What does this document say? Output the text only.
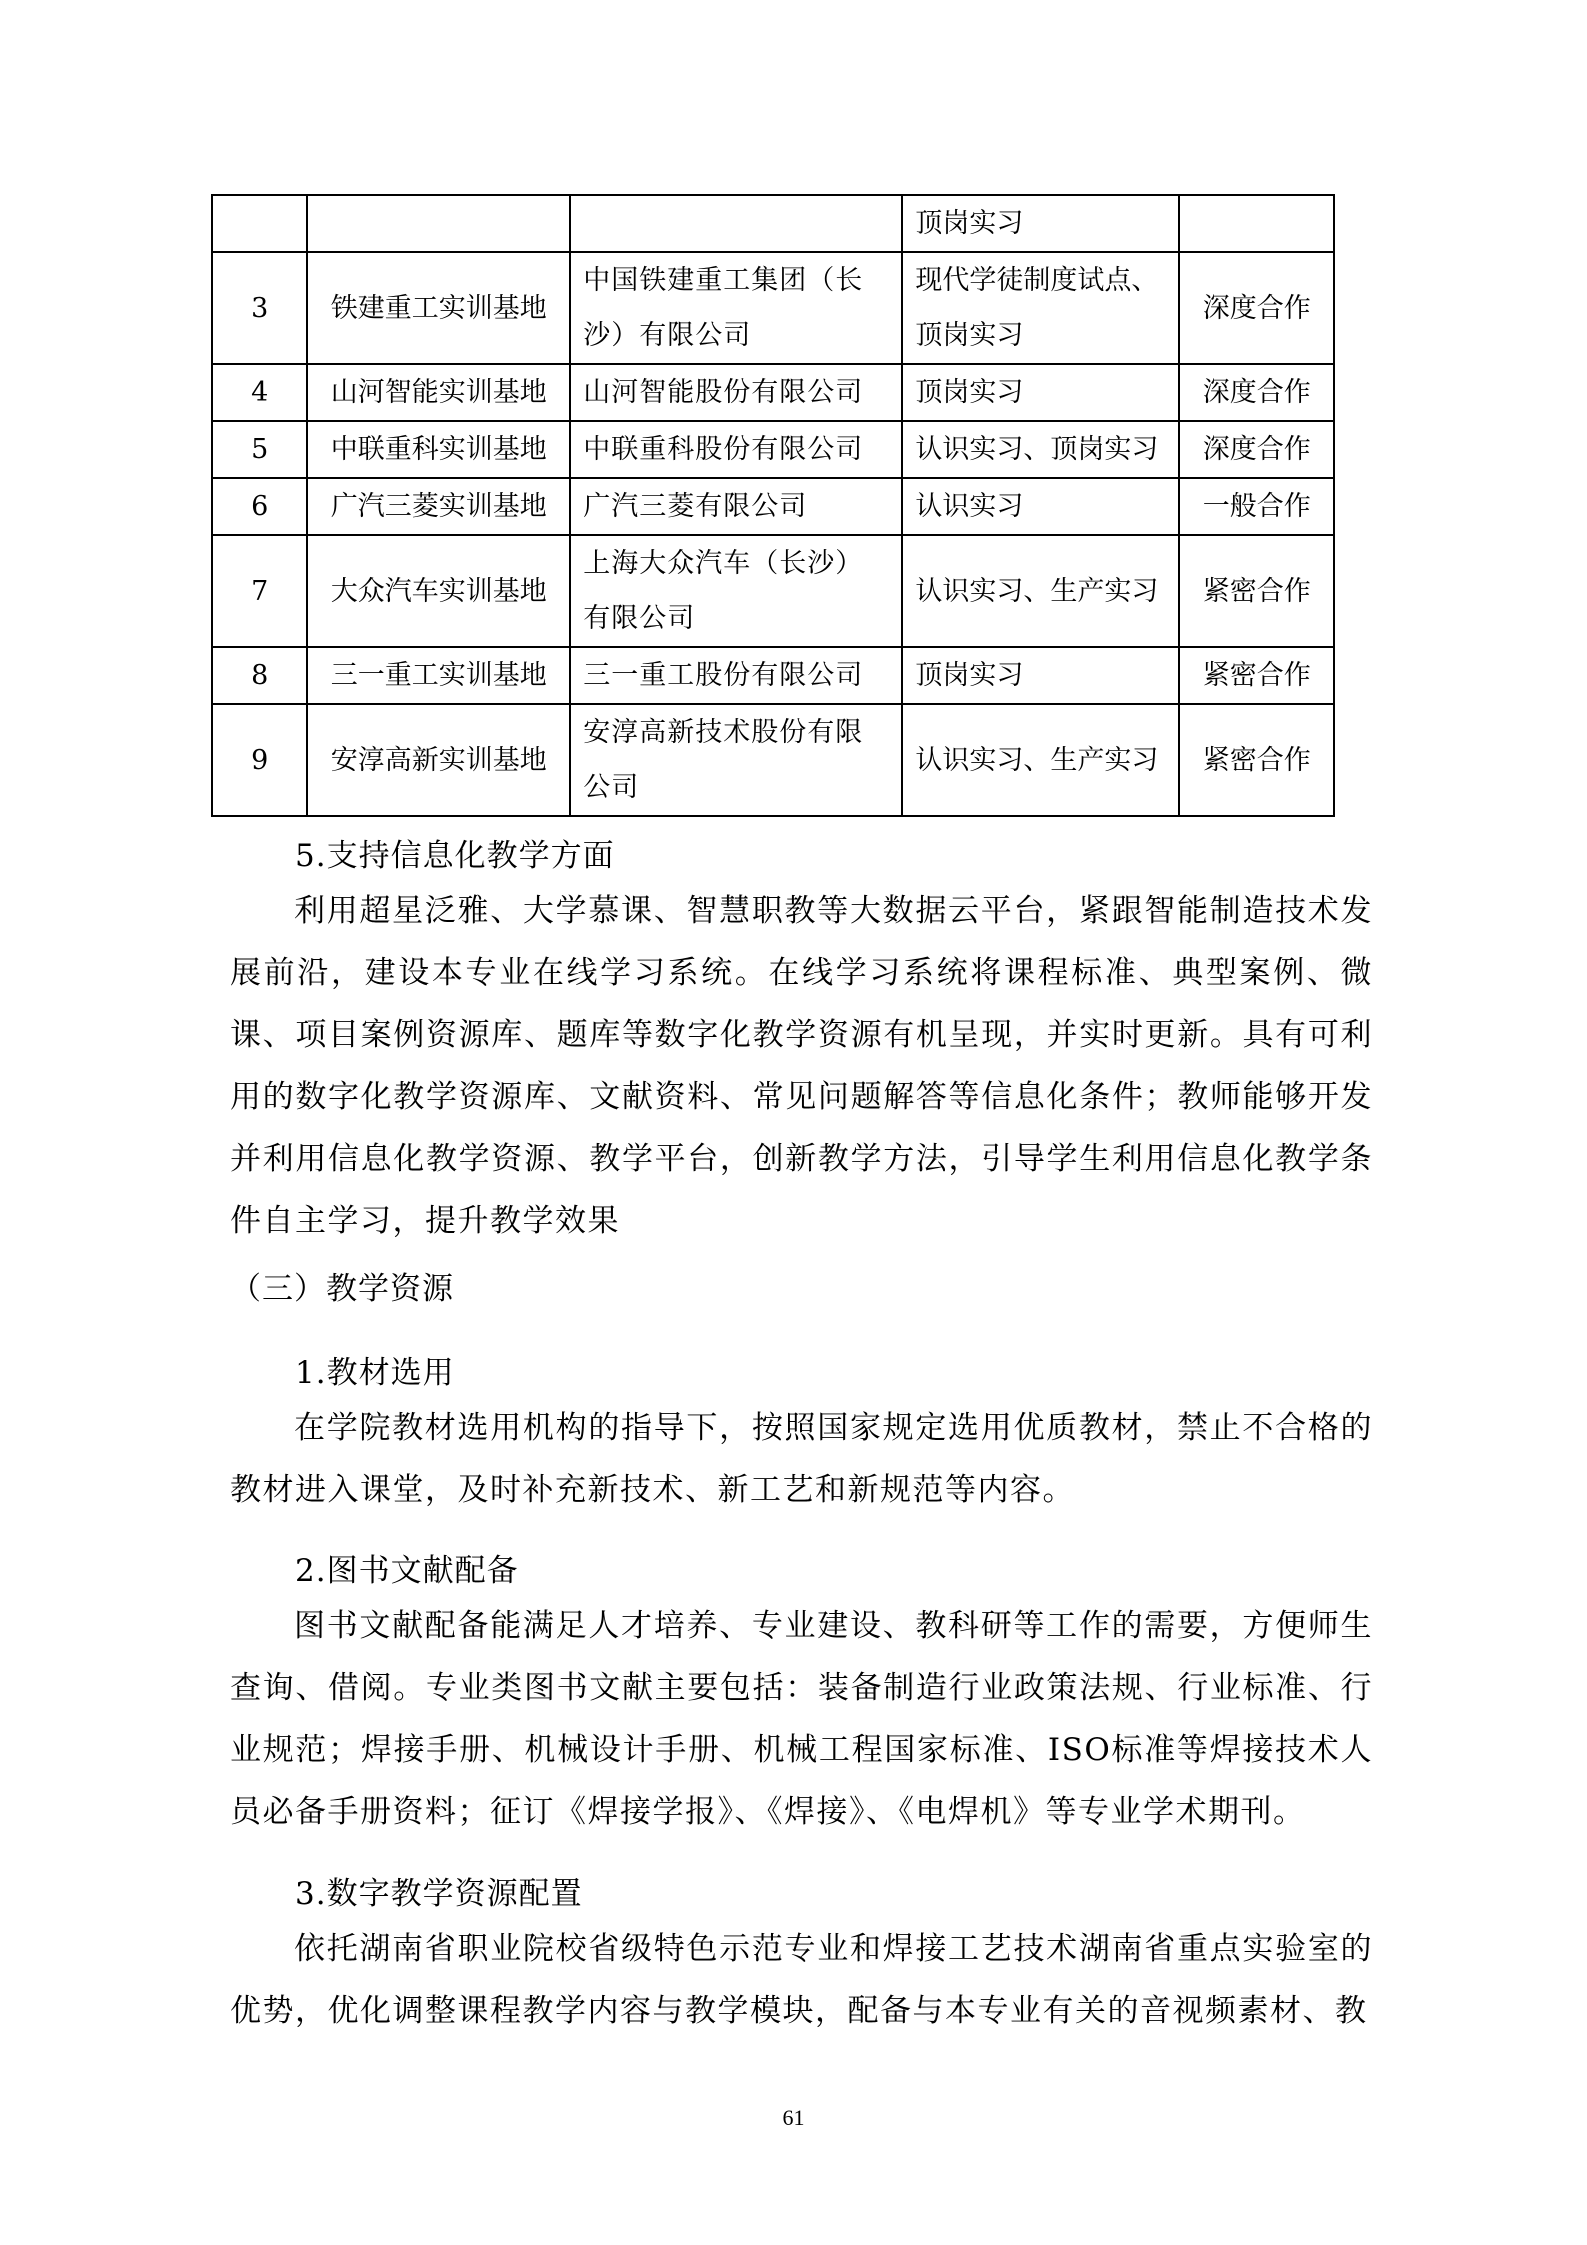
			顶岗实习	
3	铁建重工实训基地	中国铁建重工集团（长沙）有限公司	现代学徒制度试点、顶岗实习	深度合作
4	山河智能实训基地	山河智能股份有限公司	顶岗实习	深度合作
5	中联重科实训基地	中联重科股份有限公司	认识实习、顶岗实习	深度合作
6	广汽三菱实训基地	广汽三菱有限公司	认识实习	一般合作
7	大众汽车实训基地	上海大众汽车（长沙）有限公司	认识实习、生产实习	紧密合作
8	三一重工实训基地	三一重工股份有限公司	顶岗实习	紧密合作
9	安淳高新实训基地	安淳高新技术股份有限公司	认识实习、生产实习	紧密合作
5.支持信息化教学方面
利用超星泛雅、大学慕课、智慧职教等大数据云平台，紧跟智能制造技术发展前沿，建设本专业在线学习系统。在线学习系统将课程标准、典型案例、微课、项目案例资源库、题库等数字化教学资源有机呈现，并实时更新。具有可利用的数字化教学资源库、文献资料、常见问题解答等信息化条件；教师能够开发并利用信息化教学资源、教学平台，创新教学方法，引导学生利用信息化教学条件自主学习，提升教学效果
（三）教学资源
1.教材选用
在学院教材选用机构的指导下，按照国家规定选用优质教材，禁止不合格的教材进入课堂，及时补充新技术、新工艺和新规范等内容。
2.图书文献配备
图书文献配备能满足人才培养、专业建设、教科研等工作的需要，方便师生查询、借阅。专业类图书文献主要包括：装备制造行业政策法规、行业标准、行业规范；焊接手册、机械设计手册、机械工程国家标准、ISO标准等焊接技术人员必备手册资料；征订《焊接学报》、《焊接》、《电焊机》等专业学术期刊。
3.数字教学资源配置
依托湖南省职业院校省级特色示范专业和焊接工艺技术湖南省重点实验室的优势，优化调整课程教学内容与教学模块，配备与本专业有关的音视频素材、教
61
